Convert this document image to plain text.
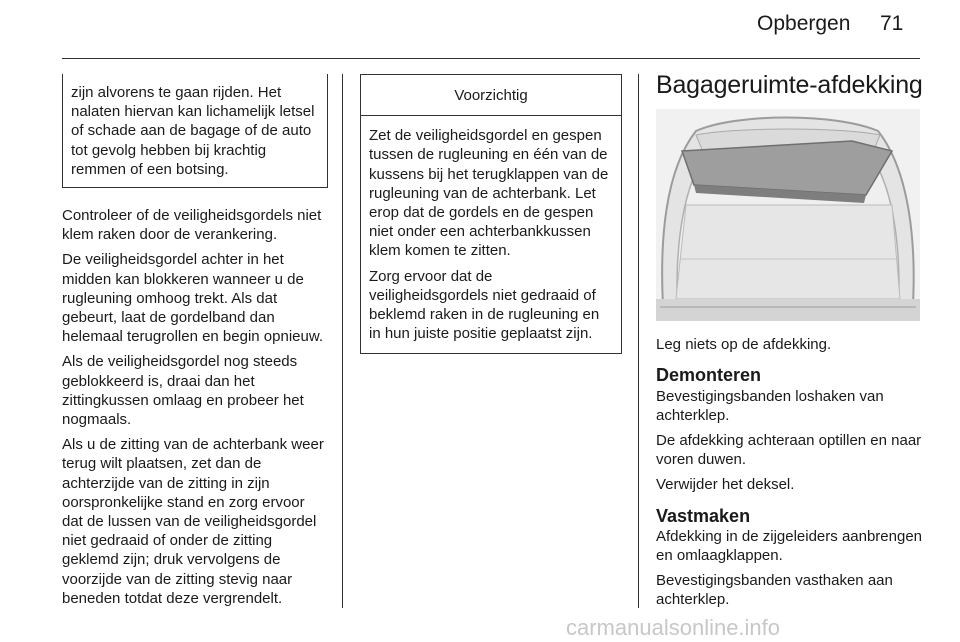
Opbergen 71

zijn alvorens te gaan rijden. Het nalaten hiervan kan lichamelijk letsel of schade aan de bagage of de auto tot gevolg hebben bij krachtig remmen of een botsing.

Controleer of de veiligheidsgordels niet klem raken door de verankering.

De veiligheidsgordel achter in het midden kan blokkeren wanneer u de rugleuning omhoog trekt. Als dat gebeurt, laat de gordelband dan helemaal terugrollen en begin opnieuw.

Als de veiligheidsgordel nog steeds geblokkeerd is, draai dan het zittingkussen omlaag en probeer het nogmaals.

Als u de zitting van de achterbank weer terug wilt plaatsen, zet dan de achterzijde van de zitting in zijn oorspronkelijke stand en zorg ervoor dat de lussen van de veiligheidsgordel niet gedraaid of onder de zitting geklemd zijn; druk vervolgens de voorzijde van de zitting stevig naar beneden totdat deze vergrendelt.

Voorzichtig

Zet de veiligheidsgordel en gespen tussen de rugleuning en één van de kussens bij het terugklappen van de rugleuning van de achterbank. Let erop dat de gordels en de gespen niet onder een achterbankkussen klem komen te zitten.

Zorg ervoor dat de veiligheidsgordels niet gedraaid of beklemd raken in de rugleuning en in hun juiste positie geplaatst zijn.

Bagageruimte-afdekking

Leg niets op de afdekking.

Demonteren

Bevestigingsbanden loshaken van achterklep.

De afdekking achteraan optillen en naar voren duwen.

Verwijder het deksel.

Vastmaken

Afdekking in de zijgeleiders aanbrengen en omlaagklappen.

Bevestigingsbanden vasthaken aan achterklep.

carmanualsonline.info
